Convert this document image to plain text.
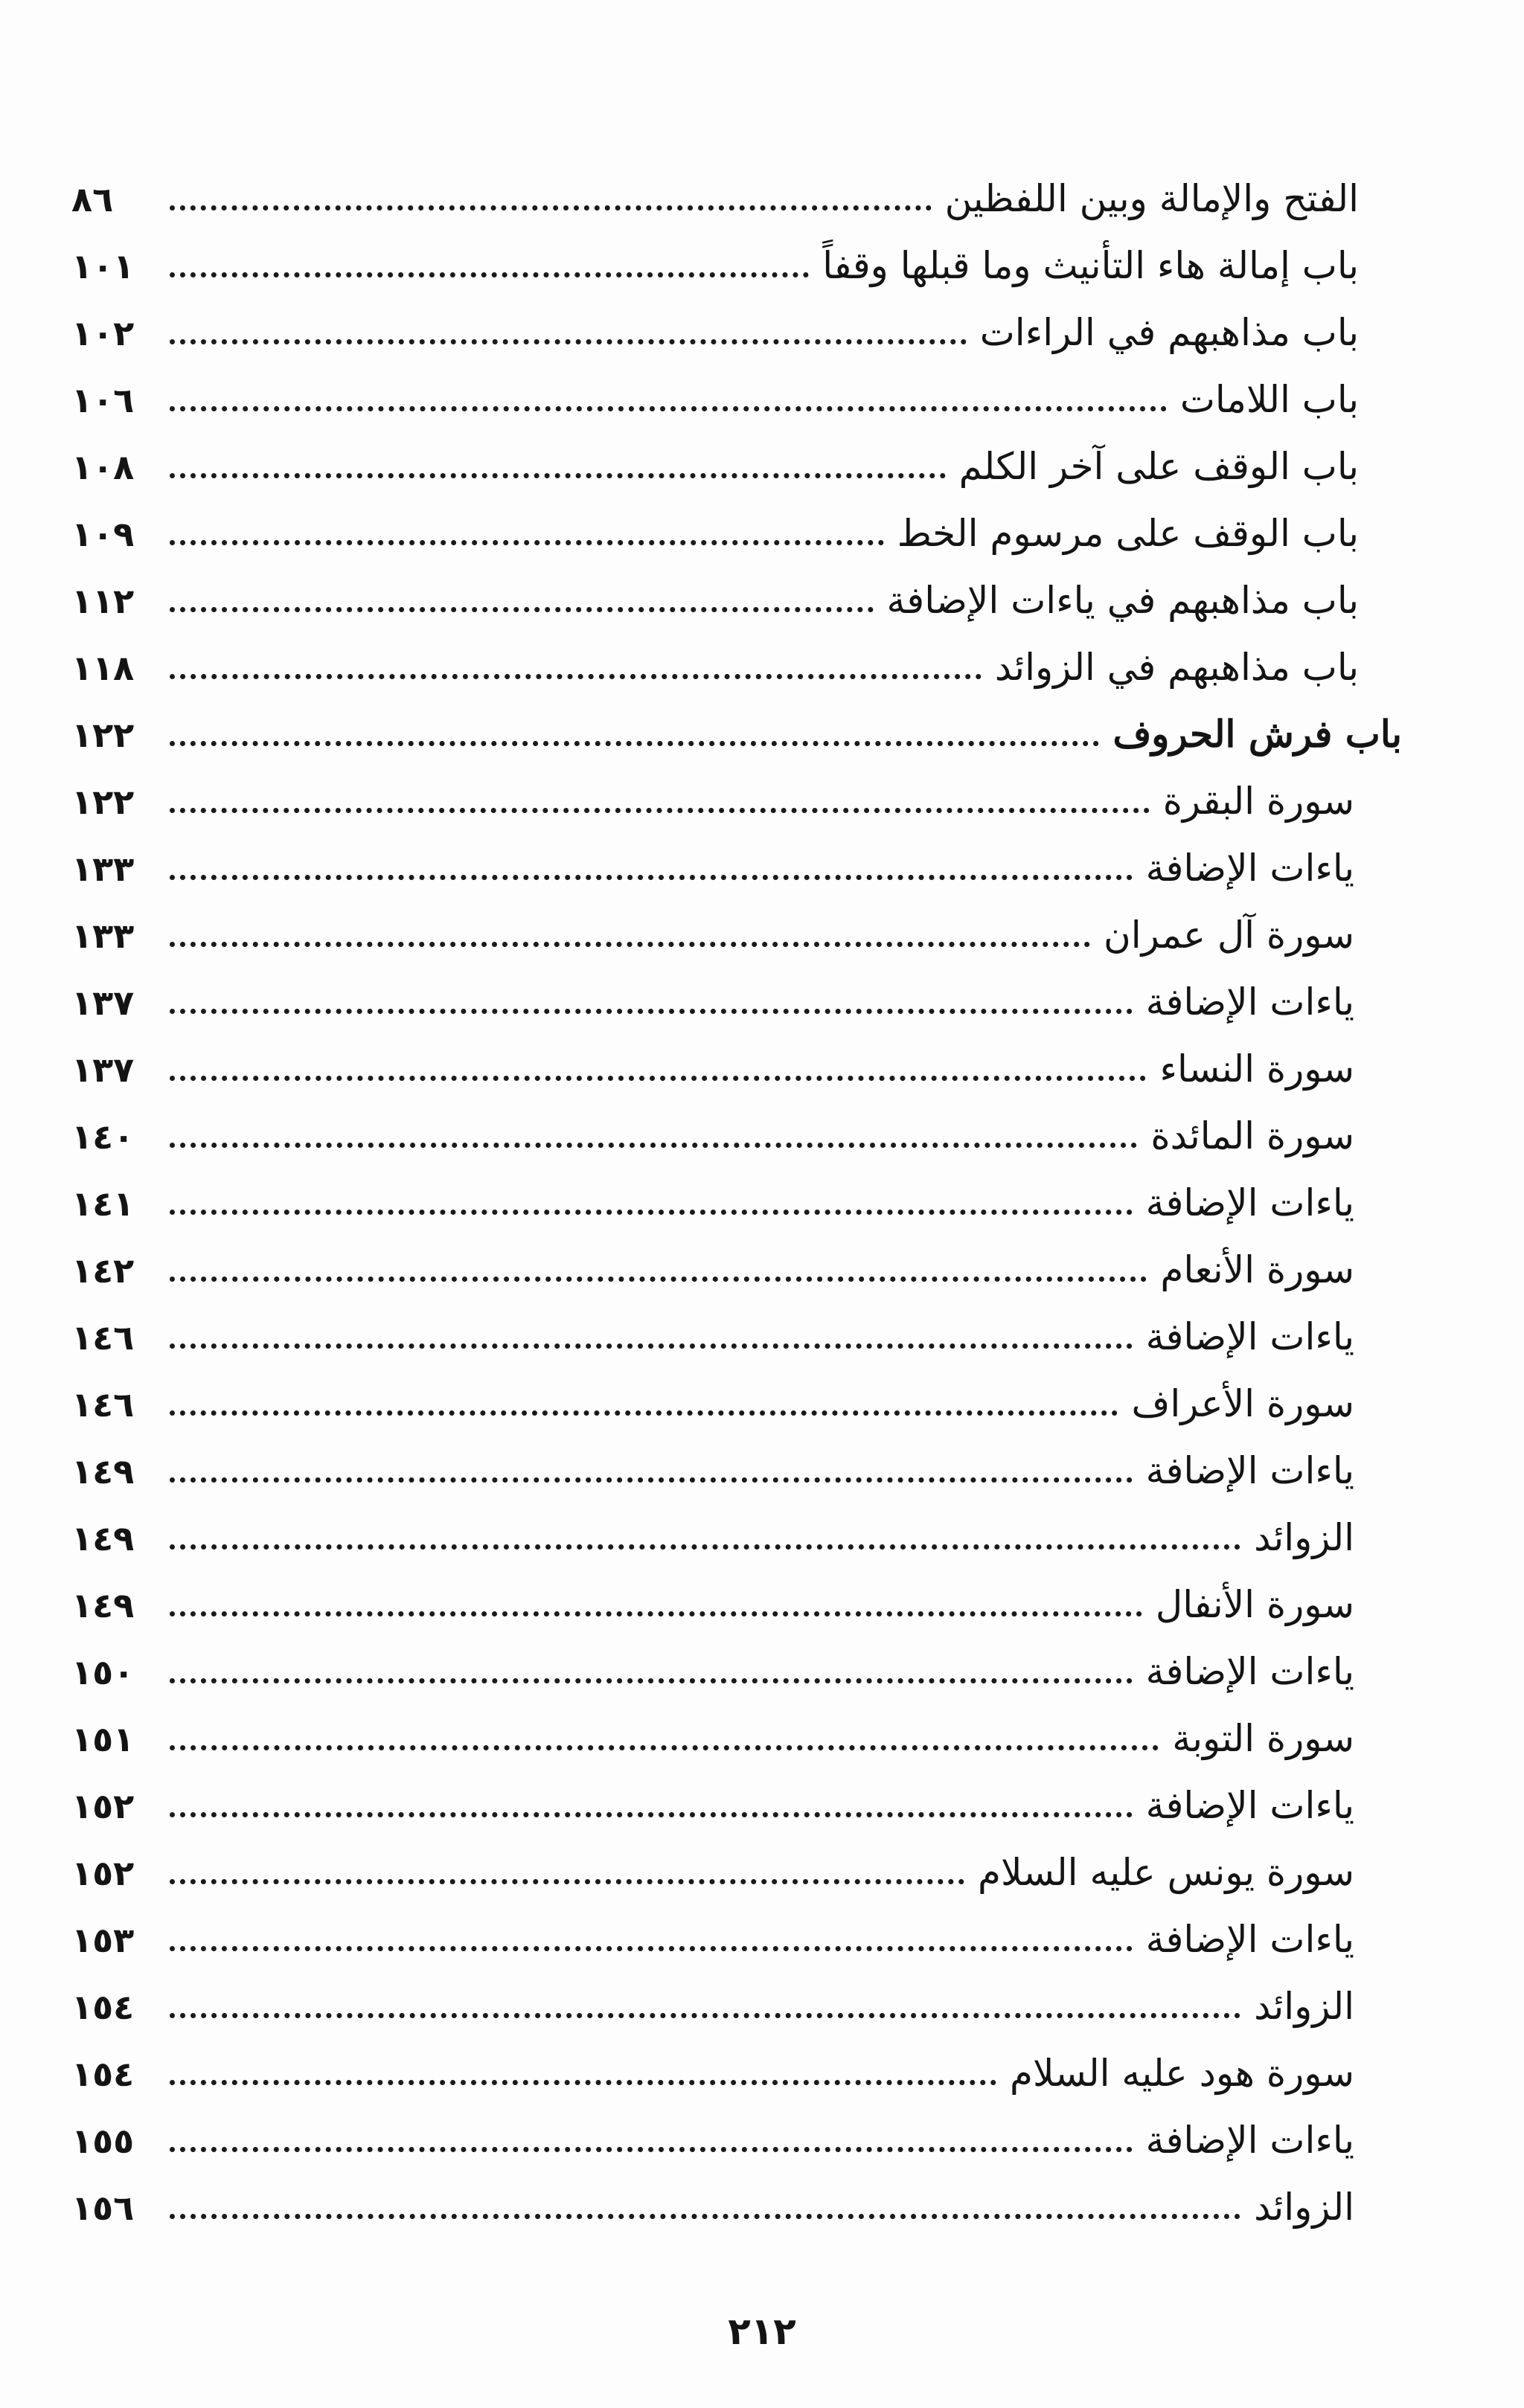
الفتح والإمالة وبين اللفظين
٨٦
باب إمالة هاء التأنيث وما قبلها وقفاً
١٠١
باب مذاهبهم في الراءات
١٠٢
باب اللامات
١٠٦
باب الوقف على آخر الكلم
١٠٨
باب الوقف على مرسوم الخط
١٠٩
باب مذاهبهم في ياءات الإضافة
١١٢
باب مذاهبهم في الزوائد
١١٨
باب فرش الحروف
١٢٢
سورة البقرة
١٢٢
ياءات الإضافة
١٣٣
سورة آل عمران
١٣٣
ياءات الإضافة
١٣٧
سورة النساء
١٣٧
سورة المائدة
١٤٠
ياءات الإضافة
١٤١
سورة الأنعام
١٤٢
ياءات الإضافة
١٤٦
سورة الأعراف
١٤٦
ياءات الإضافة
١٤٩
الزوائد
١٤٩
سورة الأنفال
١٤٩
ياءات الإضافة
١٥٠
سورة التوبة
١٥١
ياءات الإضافة
١٥٢
سورة يونس عليه السلام
١٥٢
ياءات الإضافة
١٥٣
الزوائد
١٥٤
سورة هود عليه السلام
١٥٤
ياءات الإضافة
١٥٥
الزوائد
١٥٦
٢١٢
